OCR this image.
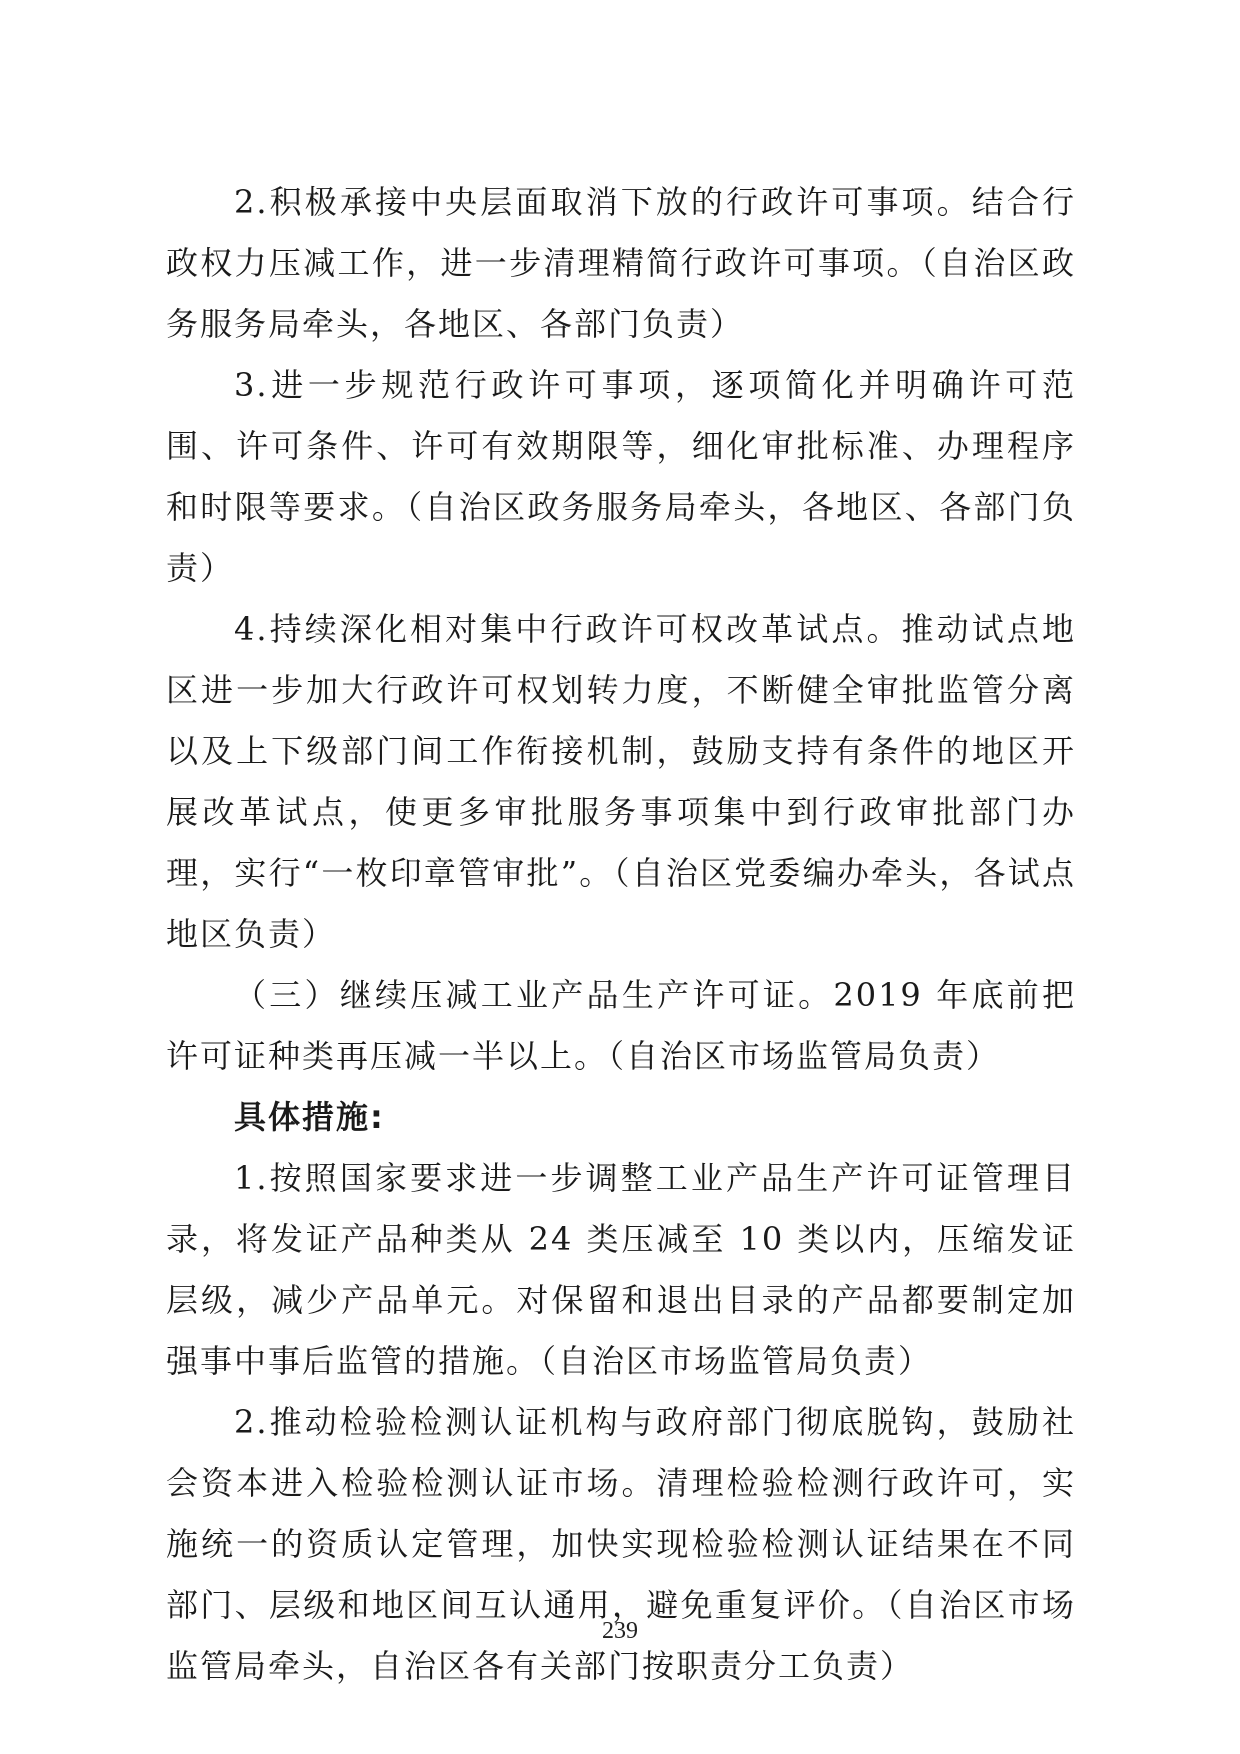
2.积极承接中央层面取消下放的行政许可事项。结合行政权力压减工作，进一步清理精简行政许可事项。（自治区政务服务局牵头，各地区、各部门负责）

3.进一步规范行政许可事项，逐项简化并明确许可范围、许可条件、许可有效期限等，细化审批标准、办理程序和时限等要求。（自治区政务服务局牵头，各地区、各部门负责）

4.持续深化相对集中行政许可权改革试点。推动试点地区进一步加大行政许可权划转力度，不断健全审批监管分离以及上下级部门间工作衔接机制，鼓励支持有条件的地区开展改革试点，使更多审批服务事项集中到行政审批部门办理，实行“一枚印章管审批”。（自治区党委编办牵头，各试点地区负责）

（三）继续压减工业产品生产许可证。2019 年底前把许可证种类再压减一半以上。（自治区市场监管局负责）

具体措施:

1.按照国家要求进一步调整工业产品生产许可证管理目录，将发证产品种类从 24 类压减至 10 类以内，压缩发证层级，减少产品单元。对保留和退出目录的产品都要制定加强事中事后监管的措施。（自治区市场监管局负责）

2.推动检验检测认证机构与政府部门彻底脱钩，鼓励社会资本进入检验检测认证市场。清理检验检测行政许可，实施统一的资质认定管理，加快实现检验检测认证结果在不同部门、层级和地区间互认通用，避免重复评价。（自治区市场监管局牵头，自治区各有关部门按职责分工负责）

239
